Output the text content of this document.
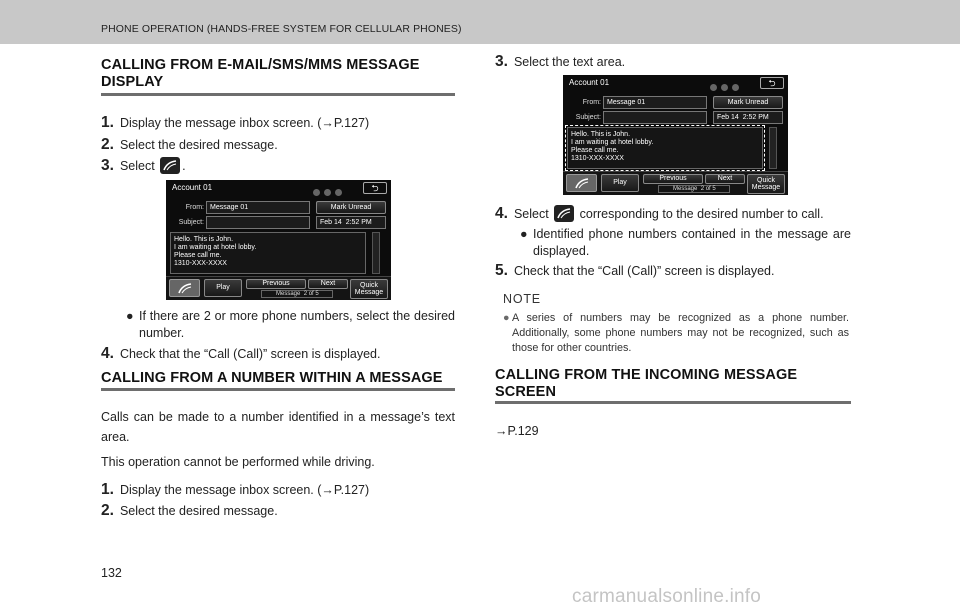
PHONE OPERATION (HANDS-FREE SYSTEM FOR CELLULAR PHONES)
CALLING FROM E-MAIL/SMS/MMS MESSAGE DISPLAY
1. Display the message inbox screen. (→P.127)
2. Select the desired message.
3. Select .
Account 01	⮌
From: Message 01	Mark Unread
Subject:	Feb 14 2:52 PM
Hello. This is John.
I am waiting at hotel lobby.
Please call me.
1310-XXX-XXXX
Play
Previous	Next
Message 2 of 5
Quick
Message
● If there are 2 or more phone numbers, select the desired number.
4. Check that the “Call (Call)” screen is displayed.
CALLING FROM A NUMBER WITHIN A MESSAGE
Calls can be made to a number identified in a message’s text area.
This operation cannot be performed while driving.
1. Display the message inbox screen. (→P.127)
2. Select the desired message.
3. Select the text area.
Account 01	⮌
From: Message 01	Mark Unread
Subject:	Feb 14 2:52 PM
Hello. This is John.
I am waiting at hotel lobby.
Please call me.
1310-XXX-XXXX
Play
Previous	Next
Message 2 of 5
Quick
Message
4. Select corresponding to the desired number to call.
● Identified phone numbers contained in the message are displayed.
5. Check that the “Call (Call)” screen is displayed.
NOTE
● A series of numbers may be recognized as a phone number. Additionally, some phone numbers may not be recognized, such as those for other countries.
CALLING FROM THE INCOMING MESSAGE SCREEN
→P.129
132
carmanualsonline.info
